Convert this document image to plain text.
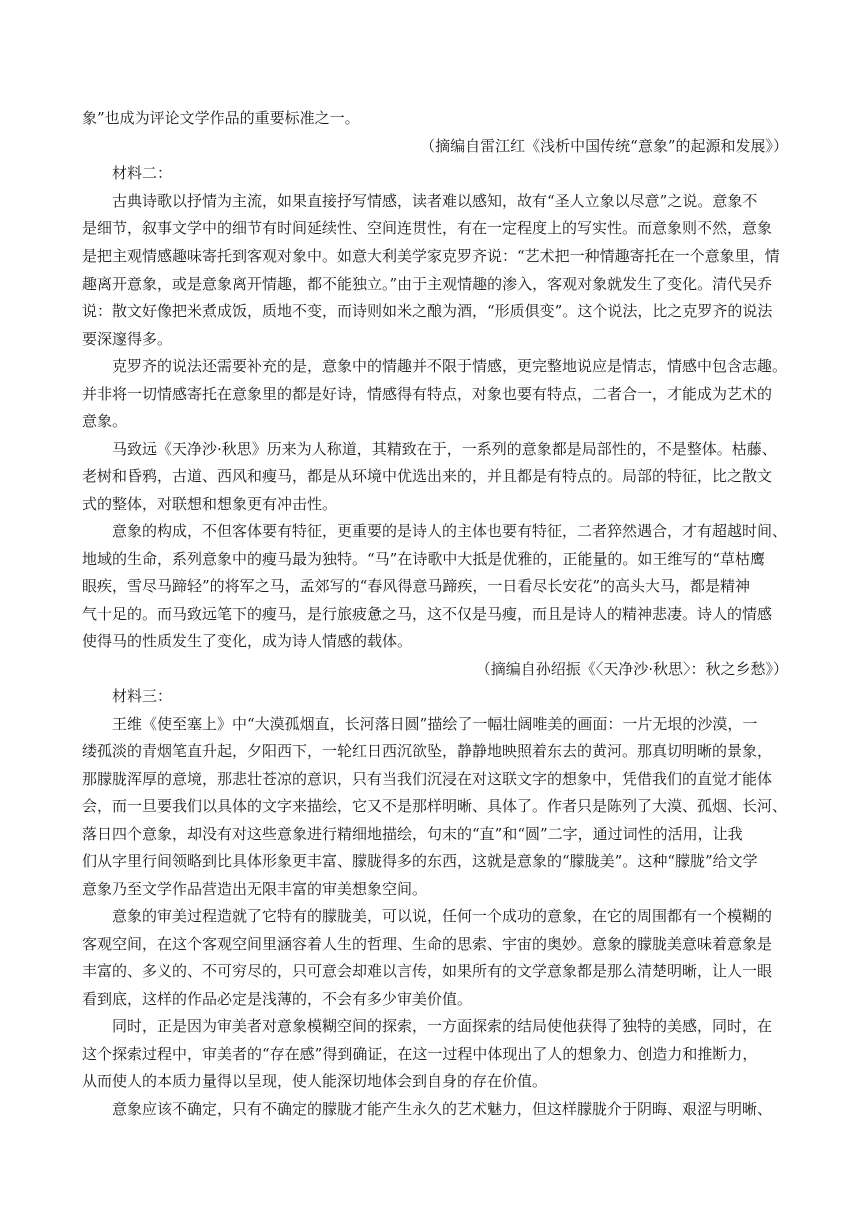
象”也成为评论文学作品的重要标准之一。
（摘编自雷江红《浅析中国传统“意象”的起源和发展》）
材料二：
古典诗歌以抒情为主流，如果直接抒写情感，读者难以感知，故有“圣人立象以尽意”之说。意象不
是细节，叙事文学中的细节有时间延续性、空间连贯性，有在一定程度上的写实性。而意象则不然，意象
是把主观情感趣味寄托到客观对象中。如意大利美学家克罗齐说：“艺术把一种情趣寄托在一个意象里，情
趣离开意象，或是意象离开情趣，都不能独立。”由于主观情趣的渗入，客观对象就发生了变化。清代吴乔
说：散文好像把米煮成饭，质地不变，而诗则如米之酿为酒，“形质俱变”。这个说法，比之克罗齐的说法
要深邃得多。
克罗齐的说法还需要补充的是，意象中的情趣并不限于情感，更完整地说应是情志，情感中包含志趣。
并非将一切情感寄托在意象里的都是好诗，情感得有特点，对象也要有特点，二者合一，才能成为艺术的
意象。
马致远《天净沙·秋思》历来为人称道，其精致在于，一系列的意象都是局部性的，不是整体。枯藤、
老树和昏鸦，古道、西风和瘦马，都是从环境中优选出来的，并且都是有特点的。局部的特征，比之散文
式的整体，对联想和想象更有冲击性。
意象的构成，不但客体要有特征，更重要的是诗人的主体也要有特征，二者猝然遇合，才有超越时间、
地域的生命，系列意象中的瘦马最为独特。“马”在诗歌中大抵是优雅的，正能量的。如王维写的“草枯鹰
眼疾，雪尽马蹄轻”的将军之马，孟郊写的“春风得意马蹄疾，一日看尽长安花”的高头大马，都是精神
气十足的。而马致远笔下的瘦马，是行旅疲惫之马，这不仅是马瘦，而且是诗人的精神悲凄。诗人的情感
使得马的性质发生了变化，成为诗人情感的载体。
（摘编自孙绍振《〈天净沙·秋思〉：秋之乡愁》）
材料三：
王维《使至塞上》中“大漠孤烟直，长河落日圆”描绘了一幅壮阔唯美的画面：一片无垠的沙漠，一
缕孤淡的青烟笔直升起，夕阳西下，一轮红日西沉欲坠，静静地映照着东去的黄河。那真切明晰的景象，
那朦胧浑厚的意境，那悲壮苍凉的意识，只有当我们沉浸在对这联文字的想象中，凭借我们的直觉才能体
会，而一旦要我们以具体的文字来描绘，它又不是那样明晰、具体了。作者只是陈列了大漠、孤烟、长河、
落日四个意象，却没有对这些意象进行精细地描绘，句末的“直”和“圆”二字，通过词性的活用，让我
们从字里行间领略到比具体形象更丰富、朦胧得多的东西，这就是意象的“朦胧美”。这种“朦胧”给文学
意象乃至文学作品营造出无限丰富的审美想象空间。
意象的审美过程造就了它特有的朦胧美，可以说，任何一个成功的意象，在它的周围都有一个模糊的
客观空间，在这个客观空间里涵容着人生的哲理、生命的思索、宇宙的奥妙。意象的朦胧美意味着意象是
丰富的、多义的、不可穷尽的，只可意会却难以言传，如果所有的文学意象都是那么清楚明晰，让人一眼
看到底，这样的作品必定是浅薄的，不会有多少审美价值。
同时，正是因为审美者对意象模糊空间的探索，一方面探索的结局使他获得了独特的美感，同时，在
这个探索过程中，审美者的“存在感”得到确证，在这一过程中体现出了人的想象力、创造力和推断力，
从而使人的本质力量得以呈现，使人能深切地体会到自身的存在价值。
意象应该不确定，只有不确定的朦胧才能产生永久的艺术魅力，但这样朦胧介于阴晦、艰涩与明晰、
